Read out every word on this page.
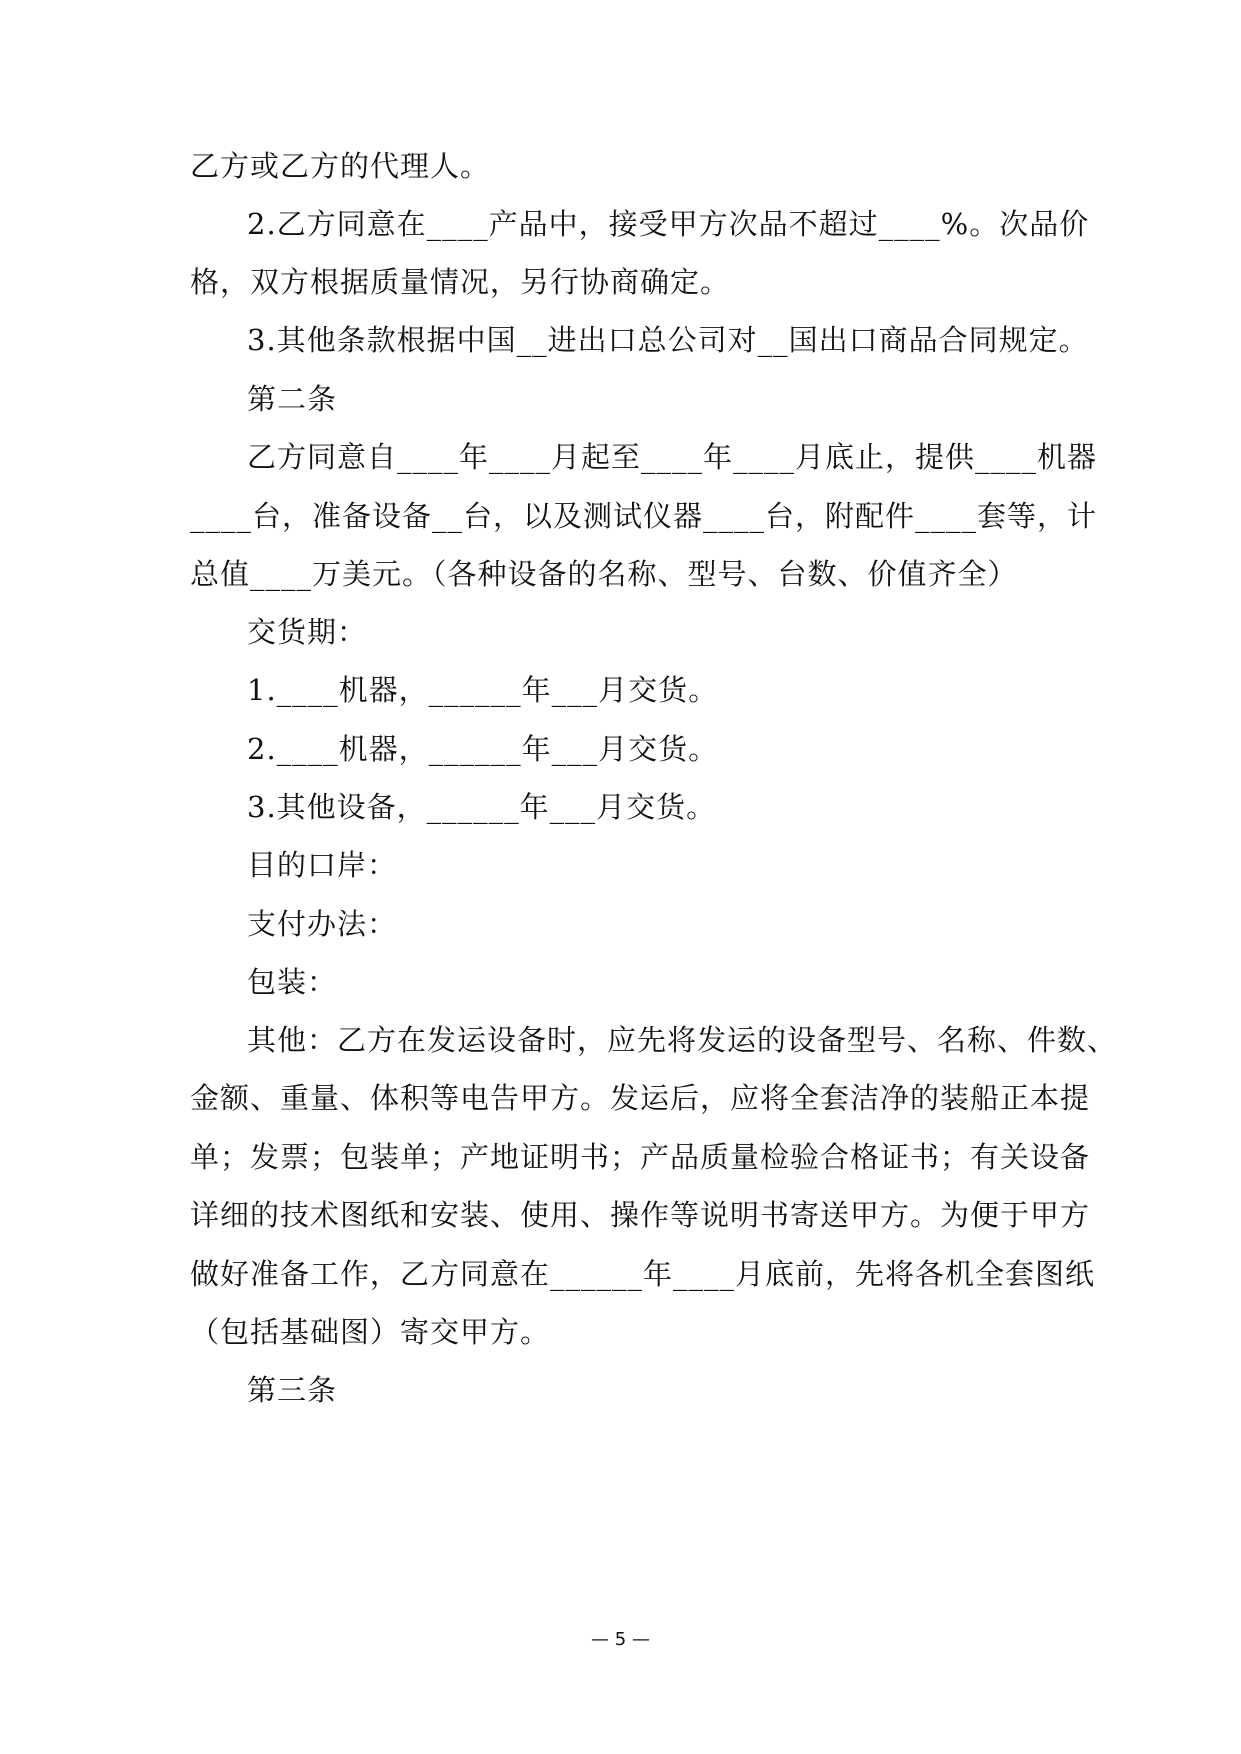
乙方或乙方的代理人。
2.乙方同意在____产品中，接受甲方次品不超过____%。次品价
格，双方根据质量情况，另行协商确定。
3.其他条款根据中国__进出口总公司对__国出口商品合同规定。
第二条
乙方同意自____年____月起至____年____月底止，提供____机器
____台，准备设备__台，以及测试仪器____台，附配件____套等，计
总值____万美元。（各种设备的名称、型号、台数、价值齐全）
交货期：
1.____机器，______年___月交货。
2.____机器，______年___月交货。
3.其他设备，______年___月交货。
目的口岸：
支付办法：
包装：
其他：乙方在发运设备时，应先将发运的设备型号、名称、件数、
金额、重量、体积等电告甲方。发运后，应将全套洁净的装船正本提
单；发票；包装单；产地证明书；产品质量检验合格证书；有关设备
详细的技术图纸和安装、使用、操作等说明书寄送甲方。为便于甲方
做好准备工作，乙方同意在______年____月底前，先将各机全套图纸
（包括基础图）寄交甲方。
第三条
— 5 —
